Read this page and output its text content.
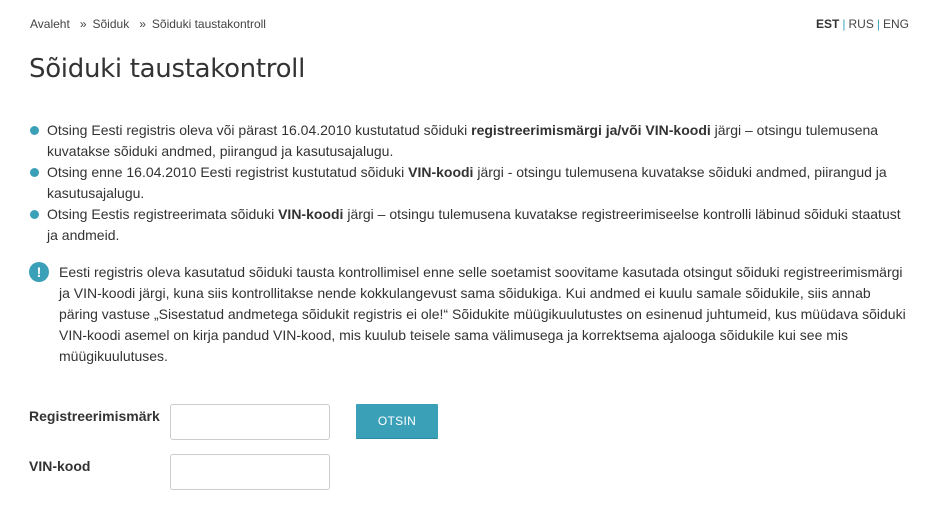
Avaleht » Sõiduk » Sõiduki taustakontroll	EST | RUS | ENG
Sõiduki taustakontroll
Otsing Eesti registris oleva või pärast 16.04.2010 kustutatud sõiduki registreerimismärgi ja/või VIN-koodi järgi – otsingu tulemusena kuvatakse sõiduki andmed, piirangud ja kasutusajalugu.
Otsing enne 16.04.2010 Eesti registrist kustutatud sõiduki VIN-koodi järgi - otsingu tulemusena kuvatakse sõiduki andmed, piirangud ja kasutusajalugu.
Otsing Eestis registreerimata sõiduki VIN-koodi järgi – otsingu tulemusena kuvatakse registreerimiseelse kontrolli läbinud sõiduki staatust ja andmeid.
!	Eesti registris oleva kasutatud sõiduki tausta kontrollimisel enne selle soetamist soovitame kasutada otsingut sõiduki registreerimismärgi ja VIN-koodi järgi, kuna siis kontrollitakse nende kokkulangevust sama sõidukiga. Kui andmed ei kuulu samale sõidukile, siis annab päring vastuse „Sisestatud andmetega sõidukit registris ei ole!“ Sõidukite müügikuulutustes on esinenud juhtumeid, kus müüdava sõiduki VIN-koodi asemel on kirja pandud VIN-kood, mis kuulub teisele sama välimusega ja korrektsema ajalooga sõidukile kui see mis müügikuulutuses.

Registreerimismärk	OTSIN
VIN-kood
